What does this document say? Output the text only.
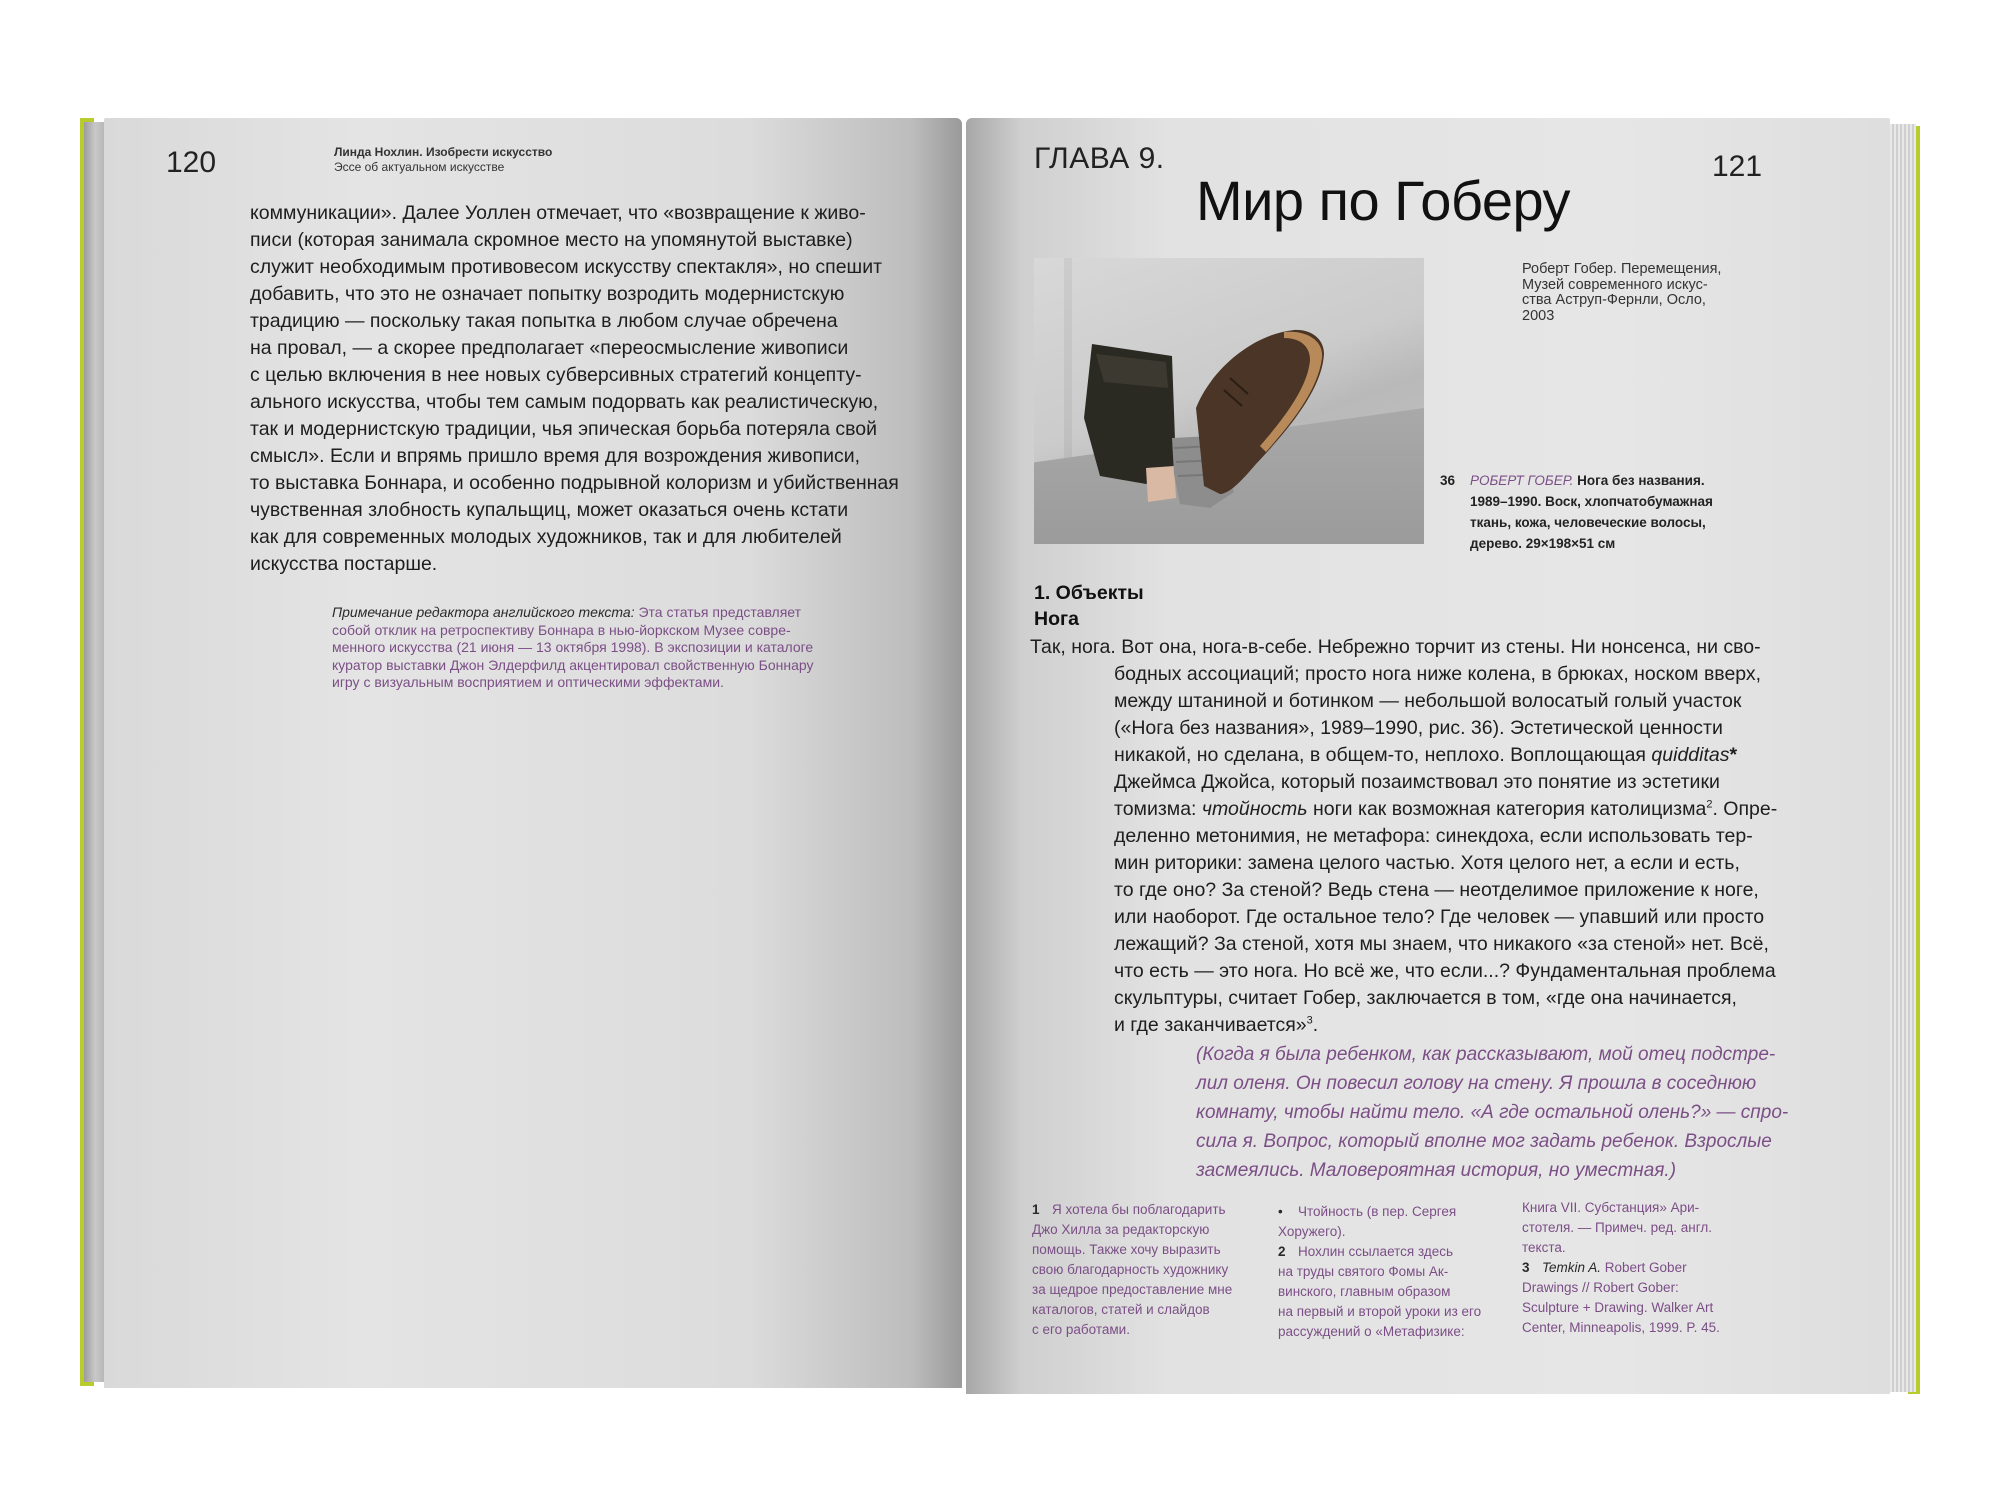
120	Линда Нохлин. Изобрести искусство
Эссе об актуальном искусстве
коммуникации». Далее Уоллен отмечает, что «возвращение к живо-
писи (которая занимала скромное место на упомянутой выставке)
служит необходимым противовесом искусству спектакля», но спешит
добавить, что это не означает попытку возродить модернистскую
традицию — поскольку такая попытка в любом случае обречена
на провал, — а скорее предполагает «переосмысление живописи
с целью включения в нее новых субверсивных стратегий концепту-
ального искусства, чтобы тем самым подорвать как реалистическую,
так и модернистскую традиции, чья эпическая борьба потеряла свой
смысл». Если и впрямь пришло время для возрождения живописи,
то выставка Боннара, и особенно подрывной колоризм и убийственная
чувственная злобность купальщиц, может оказаться очень кстати
как для современных молодых художников, так и для любителей
искусства постарше.
Примечание редактора английского текста: Эта статья представляет
собой отклик на ретроспективу Боннара в нью-йоркском Музее совре-
менного искусства (21 июня — 13 октября 1998). В экспозиции и каталоге
куратор выставки Джон Элдерфилд акцентировал свойственную Боннару
игру с визуальным восприятием и оптическими эффектами.
ГЛАВА 9.
Мир по Гоберу
121
Роберт Гобер. Перемещения,
Музей современного искус-
ства Аструп-Фернли, Осло,
2003
36 РОБЕРТ ГОБЕР. Нога без названия.
1989–1990. Воск, хлопчатобумажная
ткань, кожа, человеческие волосы,
дерево. 29×198×51 см
1. Объекты
Нога
Так, нога. Вот она, нога-в-себе. Небрежно торчит из стены. Ни нонсенса, ни сво-
бодных ассоциаций; просто нога ниже колена, в брюках, носком вверх,
между штаниной и ботинком — небольшой волосатый голый участок
(«Нога без названия», 1989–1990, рис. 36). Эстетической ценности
никакой, но сделана, в общем-то, неплохо. Воплощающая quidditas*
Джеймса Джойса, который позаимствовал это понятие из эстетики
томизма: чтойность ноги как возможная категория католицизма$^2$. Опре-
деленно метонимия, не метафора: синекдоха, если использовать тер-
мин риторики: замена целого частью. Хотя целого нет, а если и есть,
то где оно? За стеной? Ведь стена — неотделимое приложение к ноге,
или наоборот. Где остальное тело? Где человек — упавший или просто
лежащий? За стеной, хотя мы знаем, что никакого «за стеной» нет. Всё,
что есть — это нога. Но всё же, что если...? Фундаментальная проблема
скульптуры, считает Гобер, заключается в том, «где она начинается,
и где заканчивается»$^3$.
(Когда я была ребенком, как рассказывают, мой отец подстре-
лил оленя. Он повесил голову на стену. Я прошла в соседнюю
комнату, чтобы найти тело. «А где остальной олень?» — спро-
сила я. Вопрос, который вполне мог задать ребенок. Взрослые
засмеялись. Маловероятная история, но уместная.)
1 Я хотела бы поблагодарить
Джо Хилла за редакторскую
помощь. Также хочу выразить
свою благодарность художнику
за щедрое предоставление мне
каталогов, статей и слайдов
с его работами.
• Чтойность (в пер. Сергея
Хоружего).
2 Нохлин ссылается здесь
на труды святого Фомы Ак-
винского, главным образом
на первый и второй уроки из его
рассуждений о «Метафизике:
Книга VII. Субстанция» Ари-
стотеля. — Примеч. ред. англ.
текста.
3 Temkin A. Robert Gober
Drawings // Robert Gober:
Sculpture + Drawing. Walker Art
Center, Minneapolis, 1999. P. 45.
